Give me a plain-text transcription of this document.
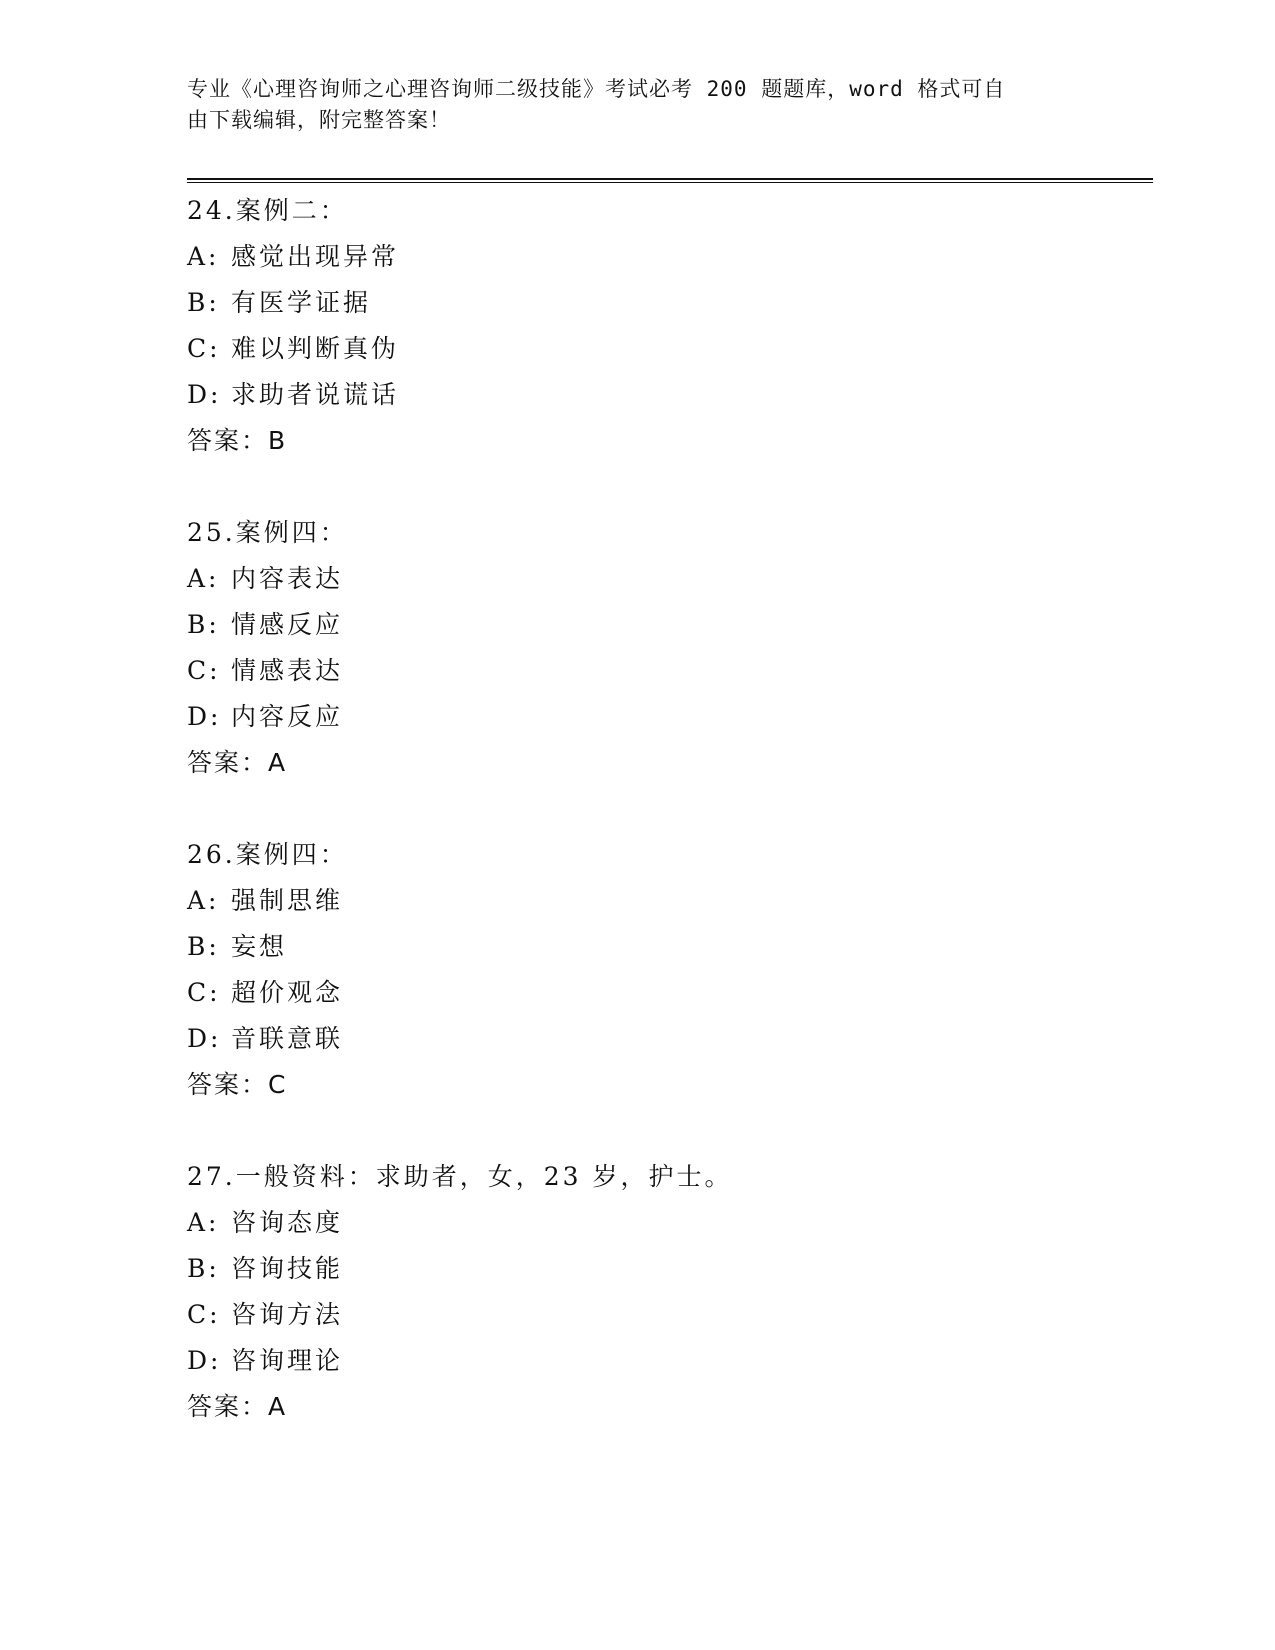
专业《心理咨询师之心理咨询师二级技能》考试必考 200 题题库，word 格式可自
由下载编辑，附完整答案！
24.案例二：
A: 感觉出现异常
B: 有医学证据
C: 难以判断真伪
D: 求助者说谎话
答案：B
25.案例四：
A: 内容表达
B: 情感反应
C: 情感表达
D: 内容反应
答案：A
26.案例四：
A: 强制思维
B: 妄想
C: 超价观念
D: 音联意联
答案：C
27.一般资料：求助者，女，23 岁，护士。
A: 咨询态度
B: 咨询技能
C: 咨询方法
D: 咨询理论
答案：A
